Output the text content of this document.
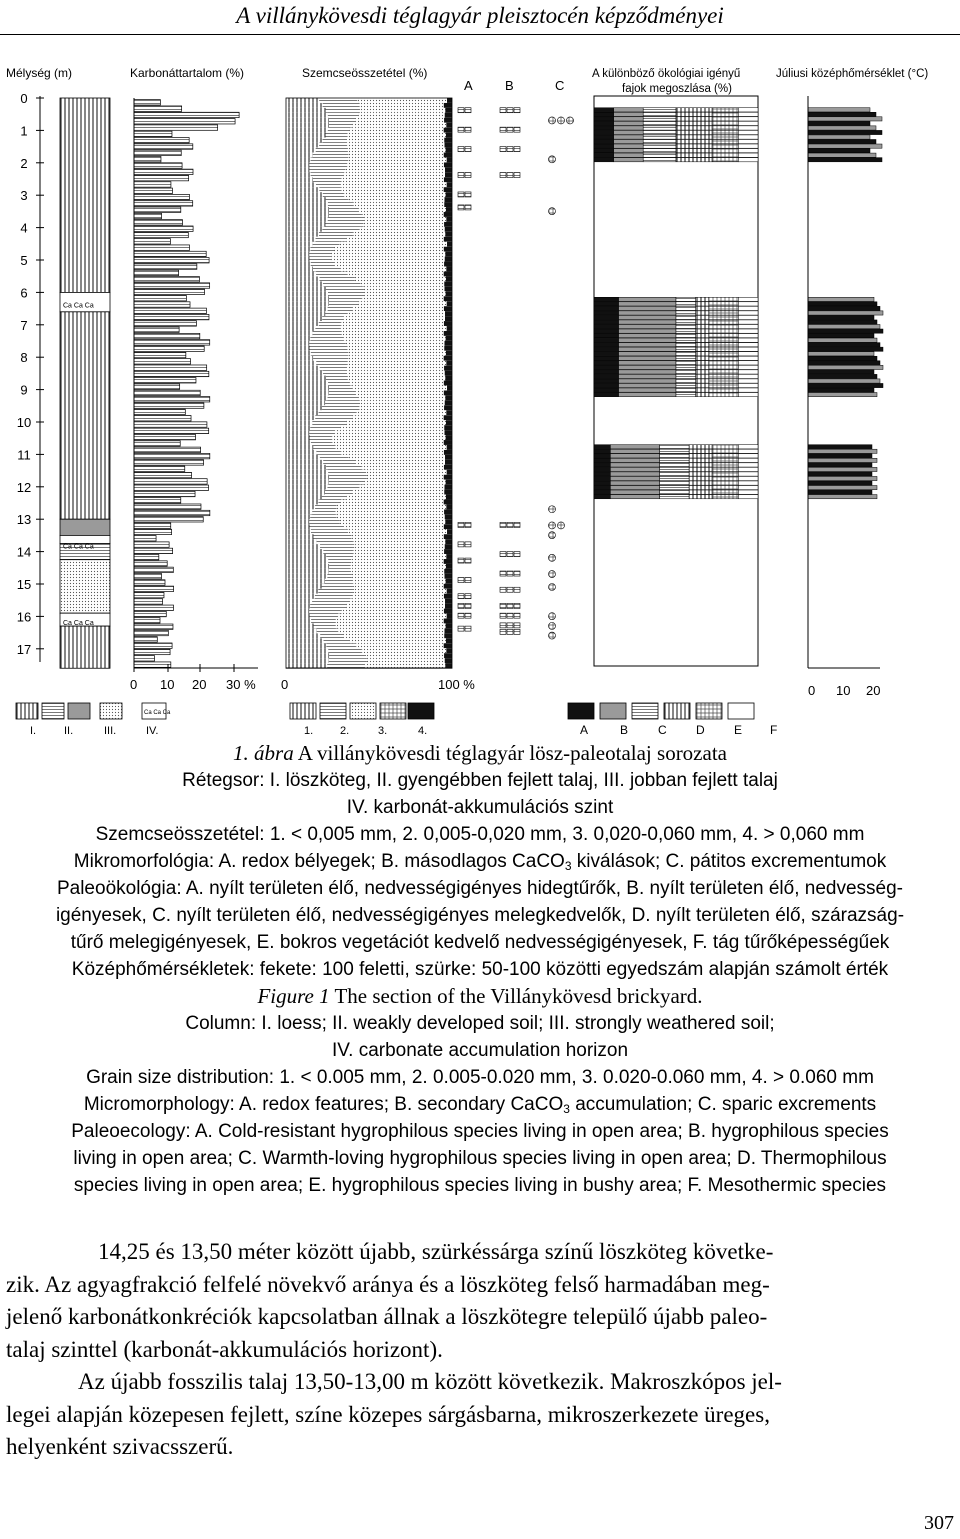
A villánykövesdi téglagyár pleisztocén képződményei
Mélység (m)	Karbonáttartalom (%)	Szemcseösszetétel (%)
A B	C
A különböző ökológiai igényű
fajok megoszlása (%)
Júliusi középhőmérséklet (°C)
0
1
2
3
4
5
6
7
8
9
10
11
12
13
14
15
16
17
Ca Ca Ca
Ca Ca Ca
Ca Ca Ca
0 10 20 30 % 0	100 %	0 10 20
Ca Ca Ca
I.	II.	III.	IV.	1. 2.	3.	4.	A	B C D E F
1. ábra A villánykövesdi téglagyár lösz-paleotalaj sorozata
Rétegsor: I. löszköteg, II. gyengébben fejlett talaj, III. jobban fejlett talaj
IV. karbonát-akkumulációs szint
Szemcseösszetétel: 1. < 0,005 mm, 2. 0,005-0,020 mm, 3. 0,020-0,060 mm, 4. > 0,060 mm
Mikromorfológia: A. redox bélyegek; B. másodlagos CaCO$_3$ kiválások; C. pátitos excrementumok
Paleoökológia: A. nyílt területen élő, nedvességigényes hidegtűrők, B. nyílt területen élő, nedvesség-
igényesek, C. nyílt területen élő, nedvességigényes melegkedvelők, D. nyílt területen élő, szárazság-
tűrő melegigényesek, E. bokros vegetációt kedvelő nedvességigényesek, F. tág tűrőképességűek
Középhőmérsékletek: fekete: 100 feletti, szürke: 50-100 közötti egyedszám alapján számolt érték
Figure 1 The section of the Villánykövesd brickyard.
Column: I. loess; II. weakly developed soil; III. strongly weathered soil;
IV. carbonate accumulation horizon
Grain size distribution: 1. < 0.005 mm, 2. 0.005-0.020 mm, 3. 0.020-0.060 mm, 4. > 0.060 mm
Micromorphology: A. redox features; B. secondary CaCO$_3$ accumulation; C. sparic excrements
Paleoecology: A. Cold-resistant hygrophilous species living in open area; B. hygrophilous species
living in open area; C. Warmth-loving hygrophilous species living in open area; D. Thermophilous
species living in open area; E. hygrophilous species living in bushy area; F. Mesothermic species
14,25 és 13,50 méter között újabb, szürkéssárga színű löszköteg követke-
zik. Az agyagfrakció felfelé növekvő aránya és a löszköteg felső harmadában meg-
jelenő karbonátkonkréciók kapcsolatban állnak a löszkötegre települő újabb paleo-
talaj szinttel (karbonát-akkumulációs horizont).
Az újabb fosszilis talaj 13,50-13,00 m között következik. Makroszkópos jel-
legei alapján közepesen fejlett, színe közepes sárgásbarna, mikroszerkezete üreges,
helyenként szivacsszerű.
307
